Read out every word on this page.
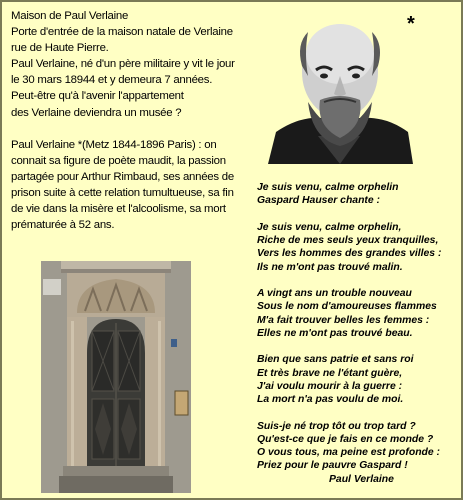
Maison de Paul Verlaine

Porte d'entrée de la maison natale de Verlaine

rue de Haute Pierre.

Paul Verlaine, né d'un père militaire y vit le jour

le 30 mars 18944 et y demeura 7 années.

Peut-être qu'à l'avenir l'appartement

des Verlaine deviendra un musée ?

Paul Verlaine *(Metz 1844-1896 Paris) : on

connait sa figure de poète maudit, la passion

partagée pour Arthur Rimbaud, ses années de

prison suite à cette relation tumultueuse, sa fin

de vie dans la misère et l'alcoolisme, sa mort

prématurée à 52 ans.

*
Je suis venu, calme orphelin
Gaspard Hauser chante :
Je suis venu, calme orphelin,
Riche de mes seuls yeux tranquilles,
Vers les hommes des grandes villes :
Ils ne m'ont pas trouvé malin.
A vingt ans un trouble nouveau
Sous le nom d'amoureuses flammes
M'a fait trouver belles les femmes :
Elles ne m'ont pas trouvé beau.
Bien que sans patrie et sans roi
Et très brave ne l'étant guère,
J'ai voulu mourir à la guerre :
La mort n'a pas voulu de moi.
Suis-je né trop tôt ou trop tard ?
Qu'est-ce que je fais en ce monde ?
O vous tous, ma peine est profonde :
Priez pour le pauvre Gaspard !
Paul Verlaine
